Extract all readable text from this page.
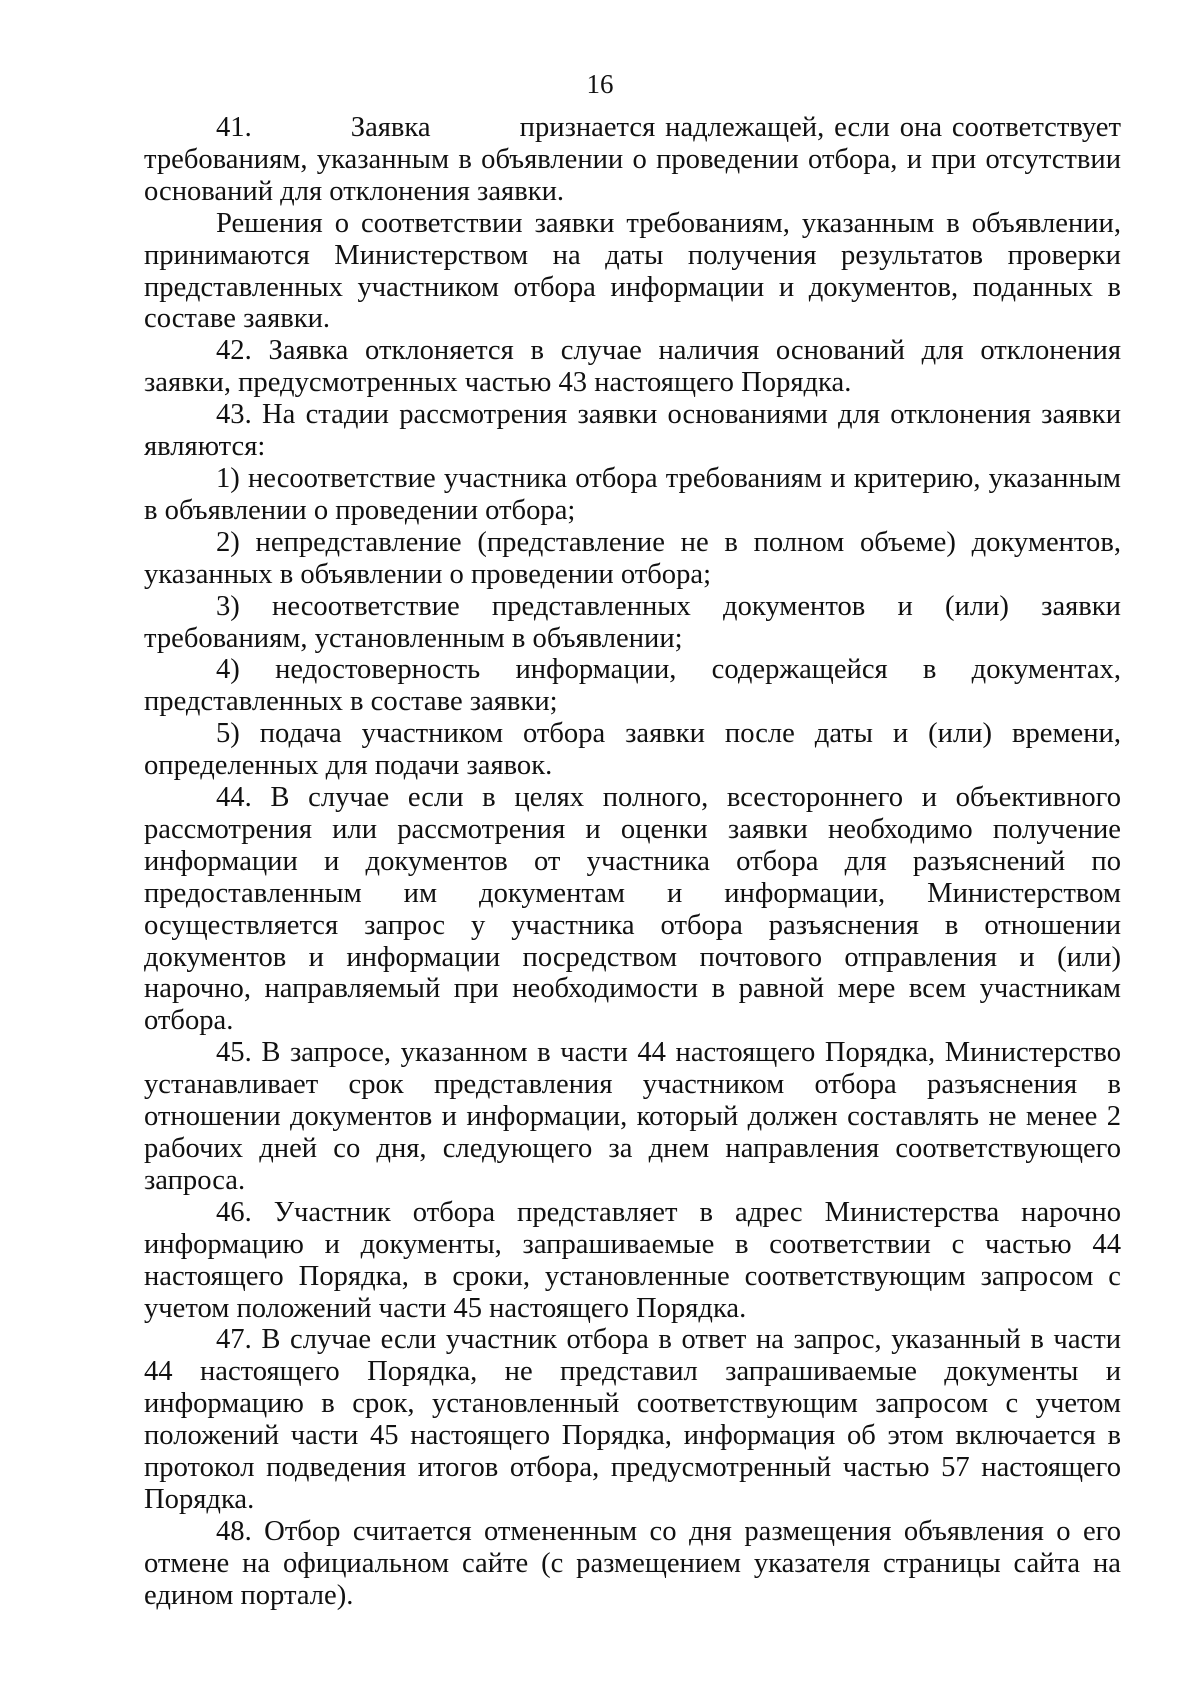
16

41.          Заявка         признается надлежащей, если она соответствует требованиям, указанным в объявлении о проведении отбора, и при отсутствии оснований для отклонения заявки.

Решения о соответствии заявки требованиям, указанным в объявлении, принимаются Министерством на даты получения результатов проверки представленных участником отбора информации и документов, поданных в составе заявки.

42. Заявка отклоняется в случае наличия оснований для отклонения заявки, предусмотренных частью 43 настоящего Порядка.

43. На стадии рассмотрения заявки основаниями для отклонения заявки являются:

1) несоответствие участника отбора требованиям и критерию, указанным в объявлении о проведении отбора;

2) непредставление (представление не в полном объеме) документов, указанных в объявлении о проведении отбора;

3) несоответствие представленных документов и (или) заявки требованиям, установленным в объявлении;

4) недостоверность информации, содержащейся в документах, представленных в составе заявки;

5) подача участником отбора заявки после даты и (или) времени, определенных для подачи заявок.

44. В случае если в целях полного, всестороннего и объективного рассмотрения или рассмотрения и оценки заявки необходимо получение информации и документов от участника отбора для разъяснений по предоставленным им документам и информации, Министерством осуществляется запрос у участника отбора разъяснения в отношении документов и информации посредством почтового отправления и (или) нарочно, направляемый при необходимости в равной мере всем участникам отбора.

45. В запросе, указанном в части 44 настоящего Порядка, Министерство устанавливает срок представления участником отбора разъяснения в отношении документов и информации, который должен составлять не менее 2 рабочих дней со дня, следующего за днем направления соответствующего запроса.

46. Участник отбора представляет в адрес Министерства нарочно информацию и документы, запрашиваемые в соответствии с частью 44 настоящего Порядка, в сроки, установленные соответствующим запросом с учетом положений части 45 настоящего Порядка.

47. В случае если участник отбора в ответ на запрос, указанный в части 44 настоящего Порядка, не представил запрашиваемые документы и информацию в срок, установленный соответствующим запросом с учетом положений части 45 настоящего Порядка, информация об этом включается в протокол подведения итогов отбора, предусмотренный частью 57 настоящего Порядка.

48. Отбор считается отмененным со дня размещения объявления о его отмене на официальном сайте (с размещением указателя страницы сайта на едином портале).
